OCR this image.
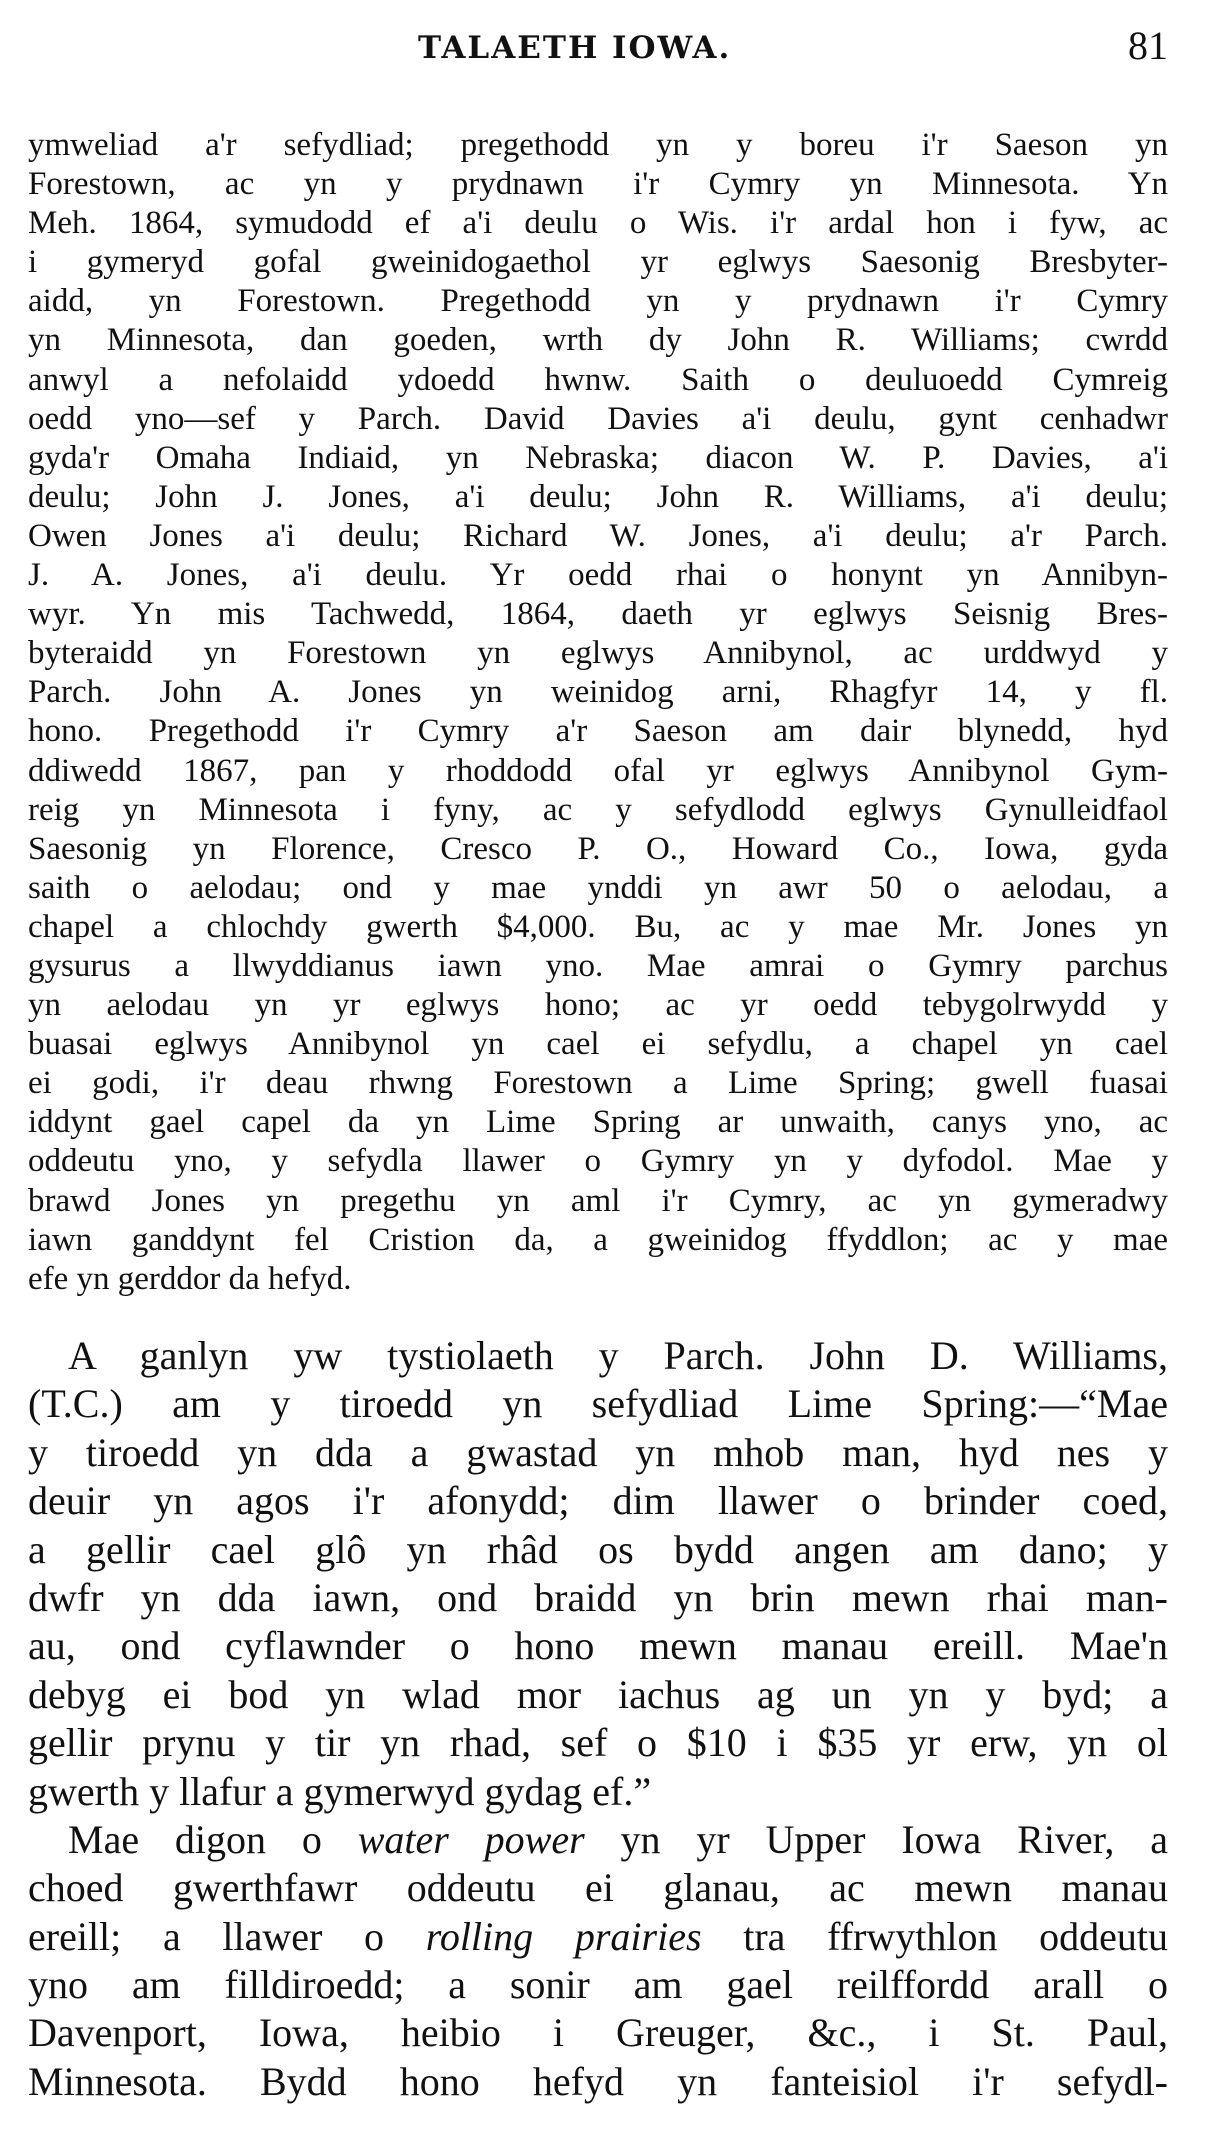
TALAETH IOWA.	81
ymweliad a'r sefydliad; pregethodd yn y boreu i'r Saeson yn
Forestown, ac yn y prydnawn i'r Cymry yn Minnesota. Yn
Meh. 1864, symudodd ef a'i deulu o Wis. i'r ardal hon i fyw, ac
i gymeryd gofal gweinidogaethol yr eglwys Saesonig Bresbyter-
aidd, yn Forestown. Pregethodd yn y prydnawn i'r Cymry
yn Minnesota, dan goeden, wrth dy John R. Williams; cwrdd
anwyl a nefolaidd ydoedd hwnw. Saith o deuluoedd Cymreig
oedd yno—sef y Parch. David Davies a'i deulu, gynt cenhadwr
gyda'r Omaha Indiaid, yn Nebraska; diacon W. P. Davies, a'i
deulu; John J. Jones, a'i deulu; John R. Williams, a'i deulu;
Owen Jones a'i deulu; Richard W. Jones, a'i deulu; a'r Parch.
J. A. Jones, a'i deulu. Yr oedd rhai o honynt yn Annibyn-
wyr. Yn mis Tachwedd, 1864, daeth yr eglwys Seisnig Bres-
byteraidd yn Forestown yn eglwys Annibynol, ac urddwyd y
Parch. John A. Jones yn weinidog arni, Rhagfyr 14, y fl.
hono. Pregethodd i'r Cymry a'r Saeson am dair blynedd, hyd
ddiwedd 1867, pan y rhoddodd ofal yr eglwys Annibynol Gym-
reig yn Minnesota i fyny, ac y sefydlodd eglwys Gynulleidfaol
Saesonig yn Florence, Cresco P. O., Howard Co., Iowa, gyda
saith o aelodau; ond y mae ynddi yn awr 50 o aelodau, a
chapel a chlochdy gwerth $4,000. Bu, ac y mae Mr. Jones yn
gysurus a llwyddianus iawn yno. Mae amrai o Gymry parchus
yn aelodau yn yr eglwys hono; ac yr oedd tebygolrwydd y
buasai eglwys Annibynol yn cael ei sefydlu, a chapel yn cael
ei godi, i'r deau rhwng Forestown a Lime Spring; gwell fuasai
iddynt gael capel da yn Lime Spring ar unwaith, canys yno, ac
oddeutu yno, y sefydla llawer o Gymry yn y dyfodol. Mae y
brawd Jones yn pregethu yn aml i'r Cymry, ac yn gymeradwy
iawn ganddynt fel Cristion da, a gweinidog ffyddlon; ac y mae
efe yn gerddor da hefyd.
A ganlyn yw tystiolaeth y Parch. John D. Williams,
(T.C.) am y tiroedd yn sefydliad Lime Spring:—“Mae
y tiroedd yn dda a gwastad yn mhob man, hyd nes y
deuir yn agos i'r afonydd; dim llawer o brinder coed,
a gellir cael glô yn rhâd os bydd angen am dano; y
dwfr yn dda iawn, ond braidd yn brin mewn rhai man-
au, ond cyflawnder o hono mewn manau ereill. Mae'n
debyg ei bod yn wlad mor iachus ag un yn y byd; a
gellir prynu y tir yn rhad, sef o $10 i $35 yr erw, yn ol
gwerth y llafur a gymerwyd gydag ef.”
Mae digon o water power yn yr Upper Iowa River, a
choed gwerthfawr oddeutu ei glanau, ac mewn manau
ereill; a llawer o rolling prairies tra ffrwythlon oddeutu
yno am filldiroedd; a sonir am gael reilffordd arall o
Davenport, Iowa, heibio i Greuger, &c., i St. Paul,
Minnesota. Bydd hono hefyd yn fanteisiol i'r sefydl-
